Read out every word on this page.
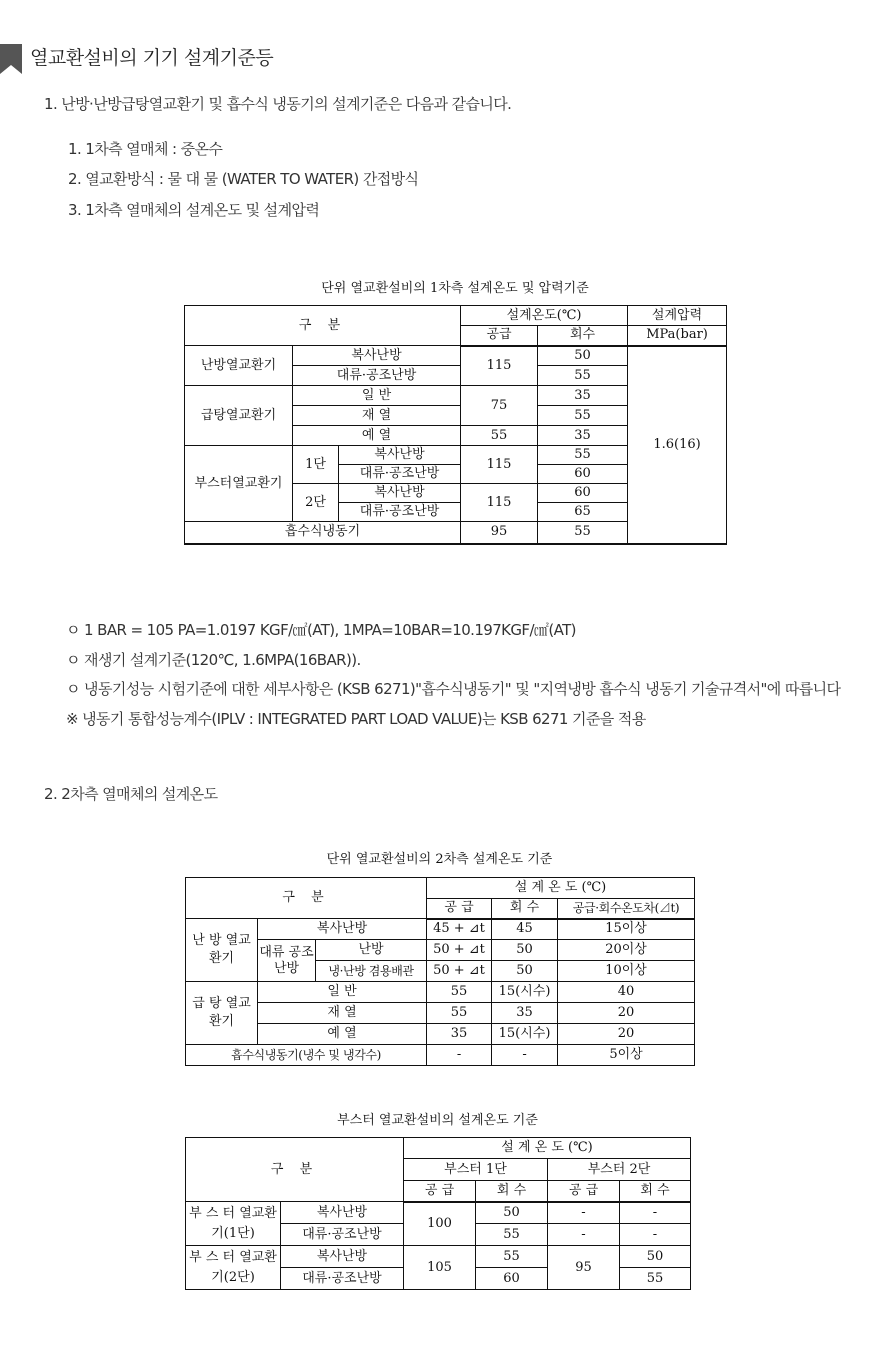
열교환설비의 기기 설계기준등
1. 난방·난방급탕열교환기 및 흡수식 냉동기의 설계기준은 다음과 같습니다.
1. 1차측 열매체 : 중온수
2. 열교환방식 : 물 대 물 (WATER TO WATER) 간접방식
3. 1차측 열매체의 설계온도 및 설계압력
단위 열교환설비의 1차측 설계온도 및 압력기준
구 분			설계온도(℃)		설계압력
			공급	회수	MPa(bar)
난방열교환기	복사난방		115	50	1.6(16)
	대류·공조난방			55	
급탕열교환기	일 반		75	35	
	재 열			55	
	예 열		55	35	
부스터열교환기	1단	복사난방	115	55	
		대류·공조난방		60	
	2단	복사난방	115	60	
		대류·공조난방		65	
흡수식냉동기			95	55	
ㅇ 1 BAR = 105 PA=1.0197 KGF/㎠(AT), 1MPA=10BAR=10.197KGF/㎠(AT)
ㅇ 재생기 설계기준(120℃, 1.6MPA(16BAR)).
ㅇ 냉동기성능 시험기준에 대한 세부사항은 (KSB 6271)"흡수식냉동기" 및 "지역냉방 흡수식 냉동기 기술규격서"에 따릅니다
※ 냉동기 통합성능계수(IPLV : INTEGRATED PART LOAD VALUE)는 KSB 6271 기준을 적용
2. 2차측 열매체의 설계온도
단위 열교환설비의 2차측 설계온도 기준
구 분			설 계 온 도 (℃)		
			공 급	회 수	공급·회수온도차(⊿t)
난 방 열교환기	복사난방		45 + ⊿t	45	15이상
	대류 공조난방	난방	50 + ⊿t	50	20이상
		냉·난방 겸용배관	50 + ⊿t	50	10이상
급 탕 열교환기	일 반		55	15(시수)	40
	재 열		55	35	20
	예 열		35	15(시수)	20
흡수식냉동기(냉수 및 냉각수)			-	-	5이상
부스터 열교환설비의 설계온도 기준
구 분		설 계 온 도 (℃)			
		부스터 1단		부스터 2단	
		공 급	회 수	공 급	회 수
부 스 터 열교환기(1단)	복사난방	100	50	-	-
	대류·공조난방		55	-	-
부 스 터 열교환기(2단)	복사난방	105	55	95	50
	대류·공조난방		60		55
